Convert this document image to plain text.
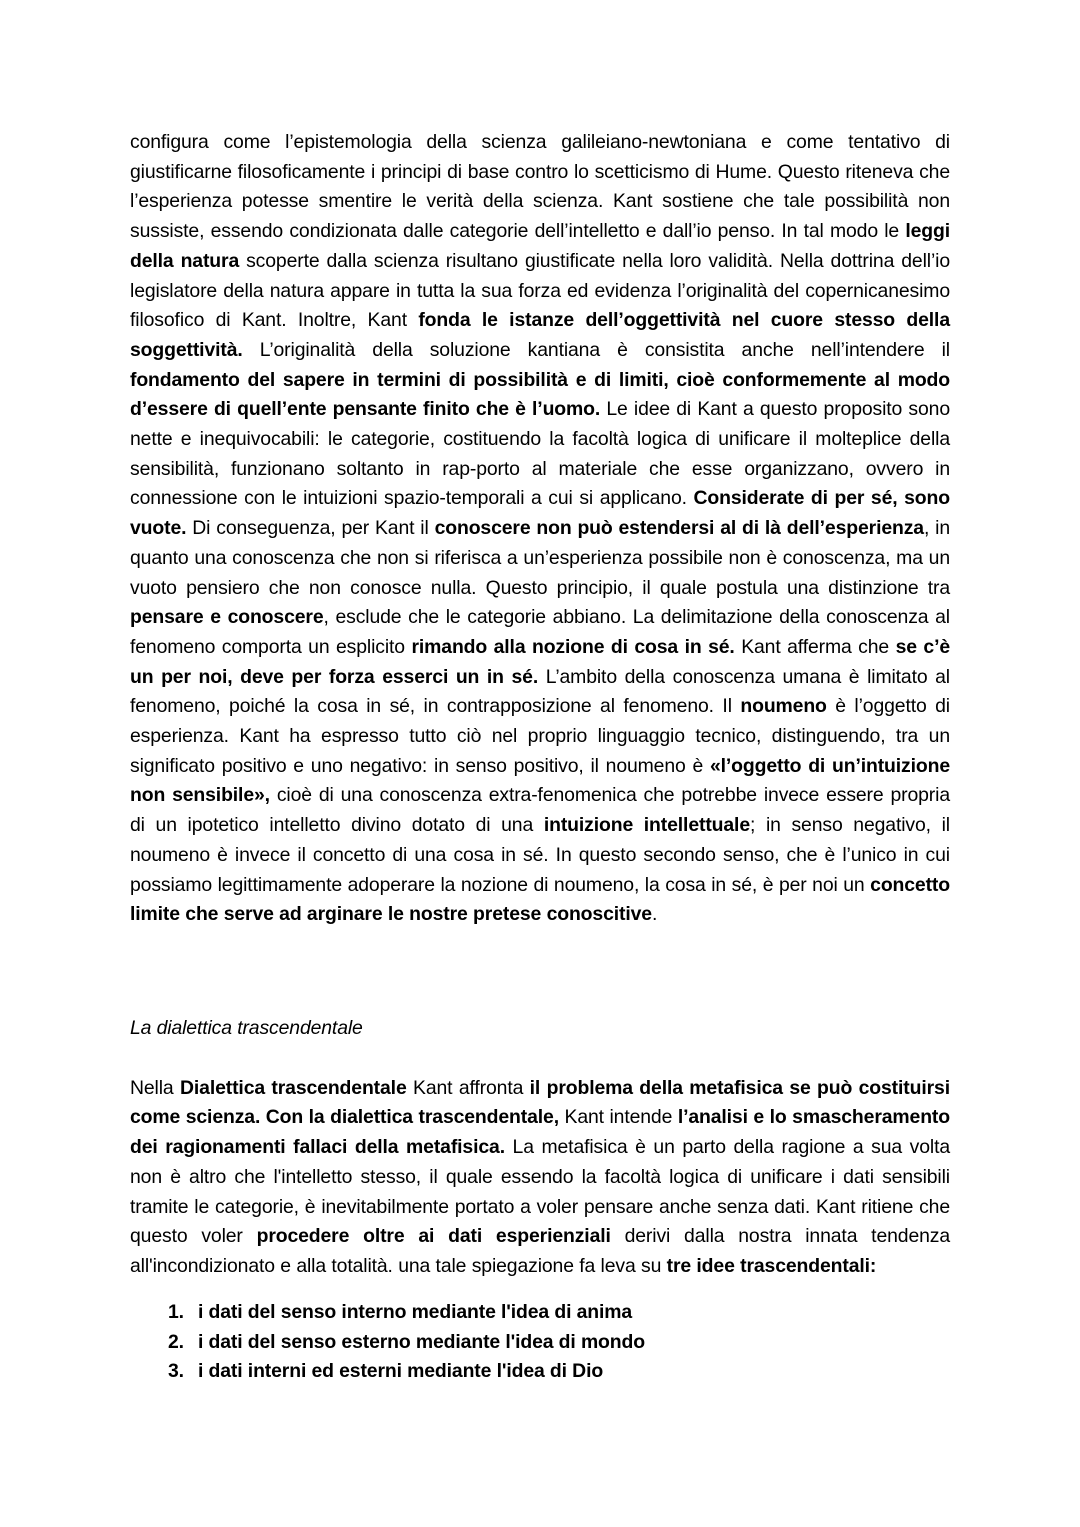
configura come l’epistemologia della scienza galileiano-newtoniana e come tentativo di giustificarne filosoficamente i principi di base contro lo scetticismo di Hume. Questo riteneva che l’esperienza potesse smentire le verità della scienza. Kant sostiene che tale possibilità non sussiste, essendo condizionata dalle categorie dell’intelletto e dall’io penso. In tal modo le leggi della natura scoperte dalla scienza risultano giustificate nella loro validità. Nella dottrina dell’io legislatore della natura appare in tutta la sua forza ed evidenza l’originalità del copernicanesimo filosofico di Kant. Inoltre, Kant fonda le istanze dell’oggettività nel cuore stesso della soggettività. L’originalità della soluzione kantiana è consistita anche nell’intendere il fondamento del sapere in termini di possibilità e di limiti, cioè conformemente al modo d’essere di quell’ente pensante finito che è l’uomo. Le idee di Kant a questo proposito sono nette e inequivocabili: le categorie, costituendo la facoltà logica di unificare il molteplice della sensibilità, funzionano soltanto in rap-porto al materiale che esse organizzano, ovvero in connessione con le intuizioni spazio-temporali a cui si applicano. Considerate di per sé, sono vuote. Di conseguenza, per Kant il conoscere non può estendersi al di là dell’esperienza, in quanto una conoscenza che non si riferisca a un’esperienza possibile non è conoscenza, ma un vuoto pensiero che non conosce nulla. Questo principio, il quale postula una distinzione tra pensare e conoscere, esclude che le categorie abbiano. La delimitazione della conoscenza al fenomeno comporta un esplicito rimando alla nozione di cosa in sé. Kant afferma che se c’è un per noi, deve per forza esserci un in sé. L’ambito della conoscenza umana è limitato al fenomeno, poiché la cosa in sé, in contrapposizione al fenomeno. Il noumeno è l’oggetto di esperienza. Kant ha espresso tutto ciò nel proprio linguaggio tecnico, distinguendo, tra un significato positivo e uno negativo: in senso positivo, il noumeno è «l’oggetto di un’intuizione non sensibile», cioè di una conoscenza extra-fenomenica che potrebbe invece essere propria di un ipotetico intelletto divino dotato di una intuizione intellettuale; in senso negativo, il noumeno è invece il concetto di una cosa in sé. In questo secondo senso, che è l’unico in cui possiamo legittimamente adoperare la nozione di noumeno, la cosa in sé, è per noi un concetto limite che serve ad arginare le nostre pretese conoscitive.

La dialettica trascendentale

Nella Dialettica trascendentale Kant affronta il problema della metafisica se può costituirsi come scienza. Con la dialettica trascendentale, Kant intende l’analisi e lo smascheramento dei ragionamenti fallaci della metafisica. La metafisica è un parto della ragione a sua volta non è altro che l'intelletto stesso, il quale essendo la facoltà logica di unificare i dati sensibili tramite le categorie, è inevitabilmente portato a voler pensare anche senza dati. Kant ritiene che questo voler procedere oltre ai dati esperienziali derivi dalla nostra innata tendenza all'incondizionato e alla totalità. una tale spiegazione fa leva su tre idee trascendentali:

1. i dati del senso interno mediante l'idea di anima
2. i dati del senso esterno mediante l'idea di mondo
3. i dati interni ed esterni mediante l'idea di Dio
